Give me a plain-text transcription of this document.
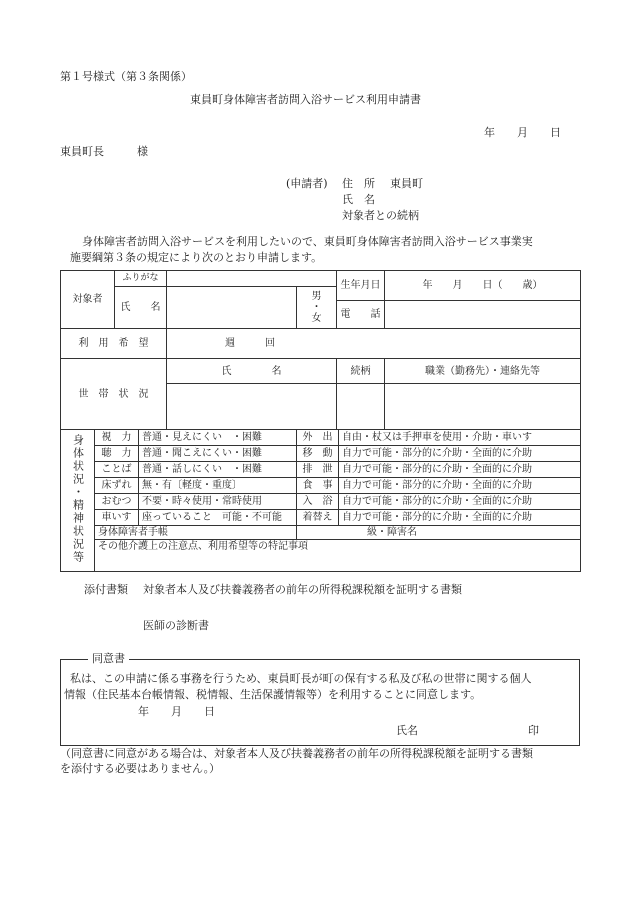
第１号様式（第３条関係）
東員町身体障害者訪問入浴サービス利用申請書
年　　月　　日
東員町長　　　様
(申請者) 住　所 東員町
氏　名
対象者との続柄
身体障害者訪問入浴サービスを利用したいので、東員町身体障害者訪問入浴サービス事業実
施要綱第３条の規定により次のとおり申請します。
対象者	ふりがな			生年月日	年　　月　　日（　　歳）
	氏　　名		男
・
女		

				電　　話	
利　用　希　望		週　　　回			
世　帯　状　況		氏　　　　名		続柄	職業（勤務先）・連絡先等

身体状況・精神状況等	視　力	普通・見えにくい　・困難	外　出	自由・杖又は手押車を使用・介助・車いす
	聴　力	普通・聞こえにくい・困難	移　動	自力で可能・部分的に介助・全面的に介助
	ことば	普通・話しにくい　・困難	排　泄	自力で可能・部分的に介助・全面的に介助
	床ずれ	無・有〔軽度・重度〕	食　事	自力で可能・部分的に介助・全面的に介助
	おむつ	不要・時々使用・常時使用	入　浴	自力で可能・部分的に介助・全面的に介助
	車いす	座っていること　可能・不可能	着替え	自力で可能・部分的に介助・全面的に介助
	身体障害者手帳		級・障害名	
	その他介護上の注意点、利用希望等の特記事項			

添付書類 対象者本人及び扶養義務者の前年の所得税課税額を証明する書類
医師の診断書
同意書
私は、この申請に係る事務を行うため、東員町長が町の保有する私及び私の世帯に関する個人
情報（住民基本台帳情報、税情報、生活保護情報等）を利用することに同意します。
年　　月　　日
氏名	印
（同意書に同意がある場合は、対象者本人及び扶養義務者の前年の所得税課税額を証明する書類
を添付する必要はありません。）
